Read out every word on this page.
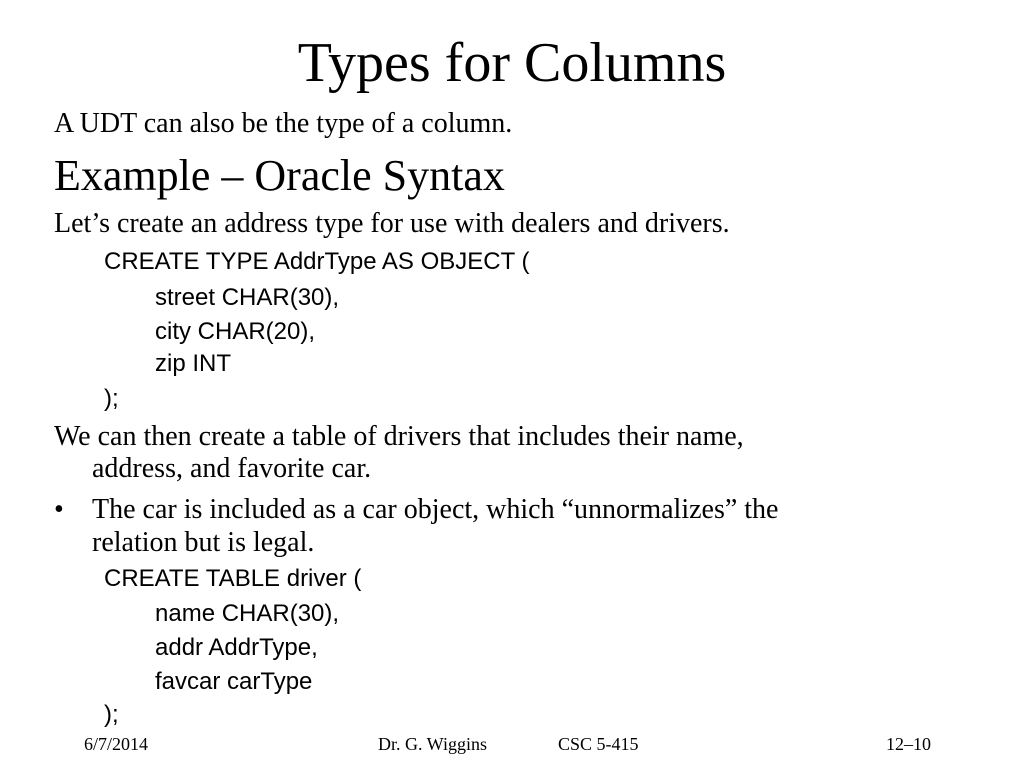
Types for Columns
A UDT can also be the type of a column.
Example – Oracle Syntax
Let’s create an address type for use with dealers and drivers.
CREATE TYPE AddrType AS OBJECT (
street CHAR(30),
city CHAR(20),
zip INT
);
We can then create a table of drivers that includes their name,
address, and favorite car.
• The car is included as a car object, which “unnormalizes” the
relation but is legal.
CREATE TABLE driver (
name CHAR(30),
addr AddrType,
favcar carType
);
6/7/2014	Dr. G. Wiggins	CSC 5-415	12–10
